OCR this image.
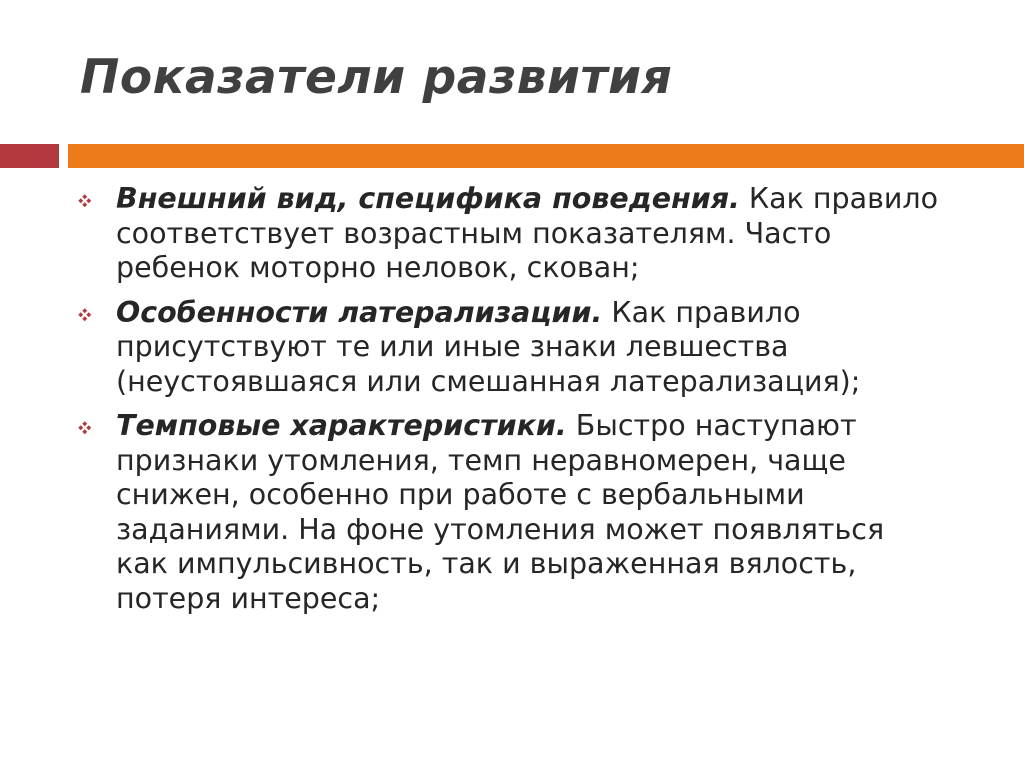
Показатели развития
Внешний вид, специфика поведения. Как правило
соответствует возрастным показателям. Часто
ребенок моторно неловок, скован;
Особенности латерализации. Как правило
присутствуют те или иные знаки левшества
(неустоявшаяся или смешанная латерализация);
Темповые характеристики. Быстро наступают
признаки утомления, темп неравномерен, чаще
снижен, особенно при работе с вербальными
заданиями. На фоне утомления может появляться
как импульсивность, так и выраженная вялость,
потеря интереса;
